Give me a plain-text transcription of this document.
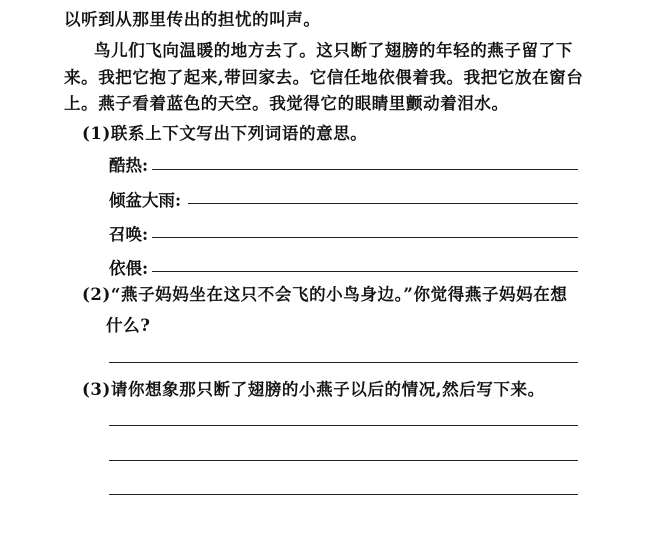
以听到从那里传出的担忧的叫声。
鸟儿们飞向温暖的地方去了。这只断了翅膀的年轻的燕子留了下
来。我把它抱了起来,带回家去。它信任地依偎着我。我把它放在窗台
上。燕子看着蓝色的天空。我觉得它的眼睛里颤动着泪水。
(1)联系上下文写出下列词语的意思。
酷热:
倾盆大雨:
召唤:
依偎:
(2)“燕子妈妈坐在这只不会飞的小鸟身边。”你觉得燕子妈妈在想
什么?
(3)请你想象那只断了翅膀的小燕子以后的情况,然后写下来。
